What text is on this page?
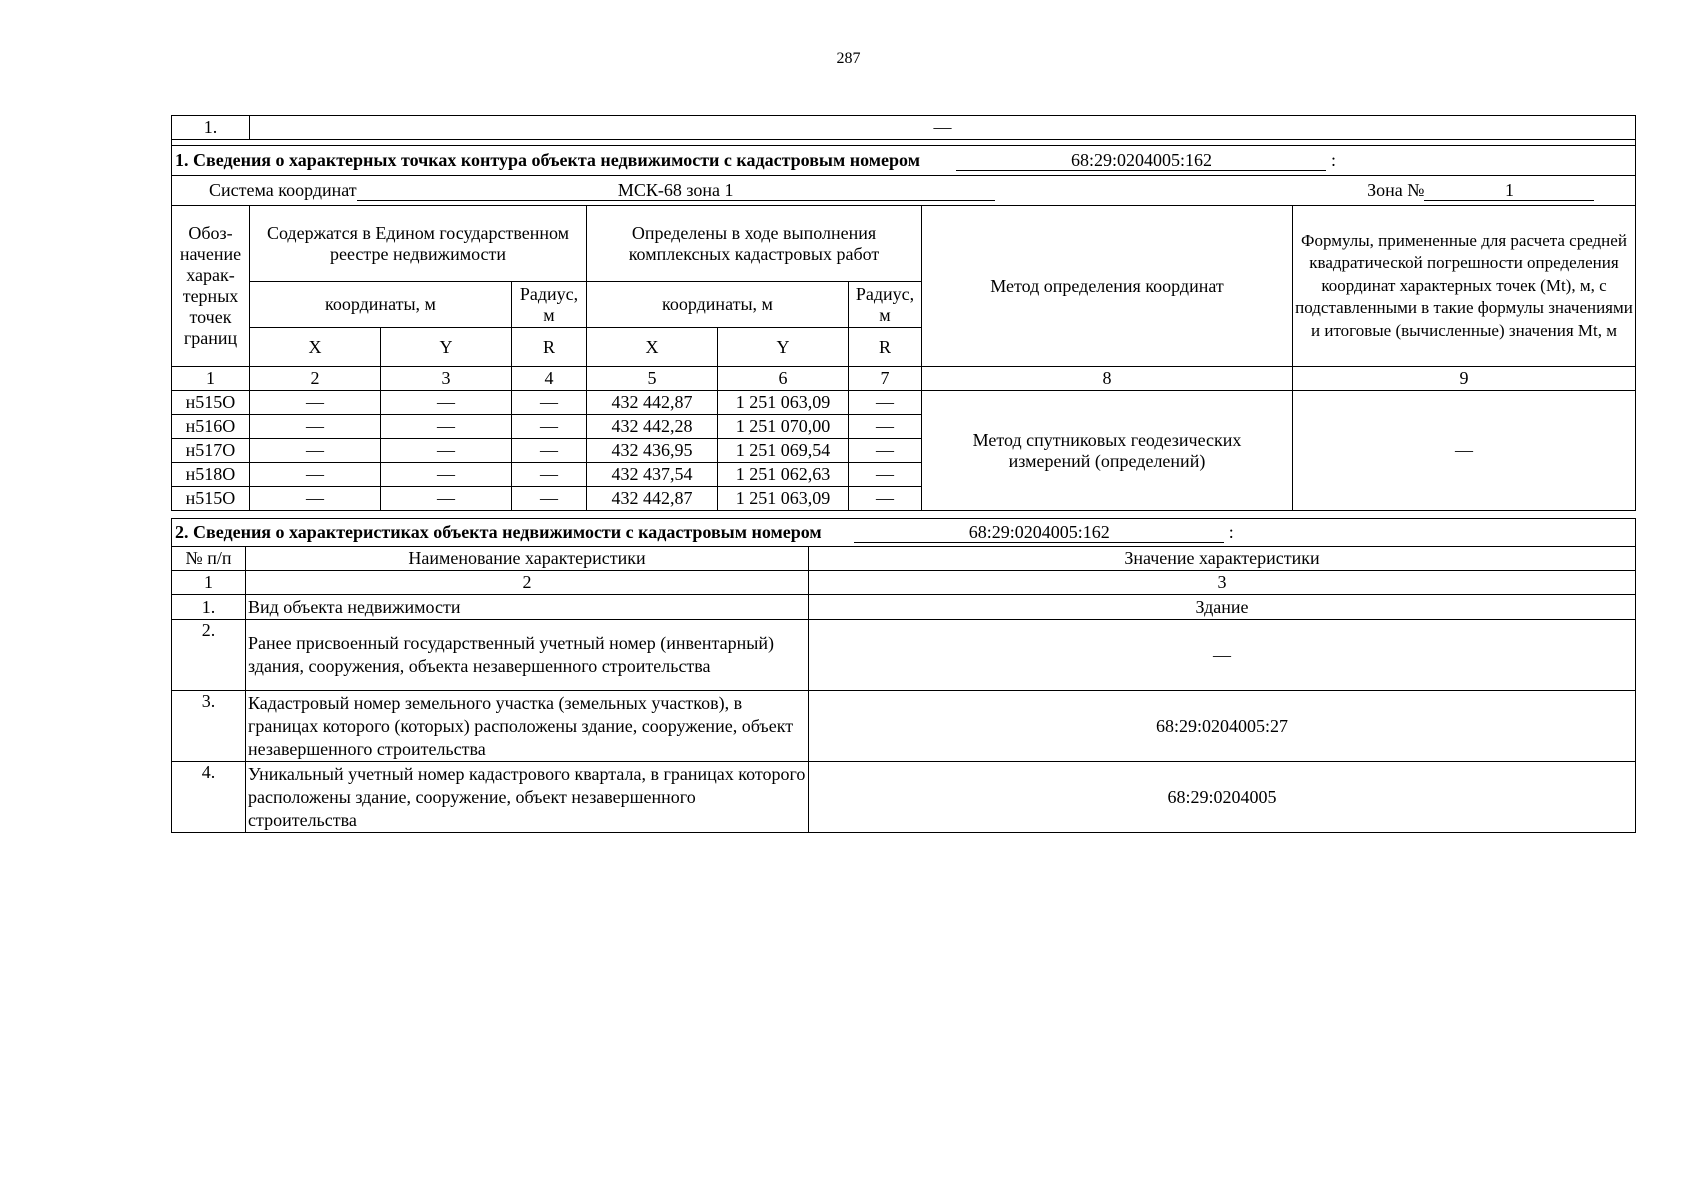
287
1.	—							

1. Сведения о характерных точках контура объекта недвижимости с кадастровым номером 68:29:0204005:162 :								
Система координат МСК-68 зона 1 Зона № 1								
Обоз-начение харак-терных точек границ	Содержатся в Едином государственном реестре недвижимости			Определены в ходе выполнения комплексных кадастровых работ			Метод определения координат	Формулы, примененные для расчета средней квадратической погрешности определения координат характерных точек (Mt), м, с подставленными в такие формулы значениями и итоговые (вычисленные) значения Mt, м
	координаты, м		Радиус, м	координаты, м		Радиус, м		
	X	Y	R	X	Y	R		
1	2	3	4	5	6	7	8	9
н515О	—	—	—	432 442,87	1 251 063,09	—	Метод спутниковых геодезических измерений (определений)	—
н516О	—	—	—	432 442,28	1 251 070,00	—		
н517О	—	—	—	432 436,95	1 251 069,54	—		
н518О	—	—	—	432 437,54	1 251 062,63	—		
н515О	—	—	—	432 442,87	1 251 063,09	—		
2. Сведения о характеристиках объекта недвижимости с кадастровым номером 68:29:0204005:162 :		
№ п/п	Наименование характеристики	Значение характеристики
1	2	3
1.	Вид объекта недвижимости	Здание
2.	Ранее присвоенный государственный учетный номер (инвентарный) здания, сооружения, объекта незавершенного строительства	—
3.	Кадастровый номер земельного участка (земельных участков), в границах которого (которых) расположены здание, сооружение, объект незавершенного строительства	68:29:0204005:27
4.	Уникальный учетный номер кадастрового квартала, в границах которого расположены здание, сооружение, объект незавершенного строительства	68:29:0204005
